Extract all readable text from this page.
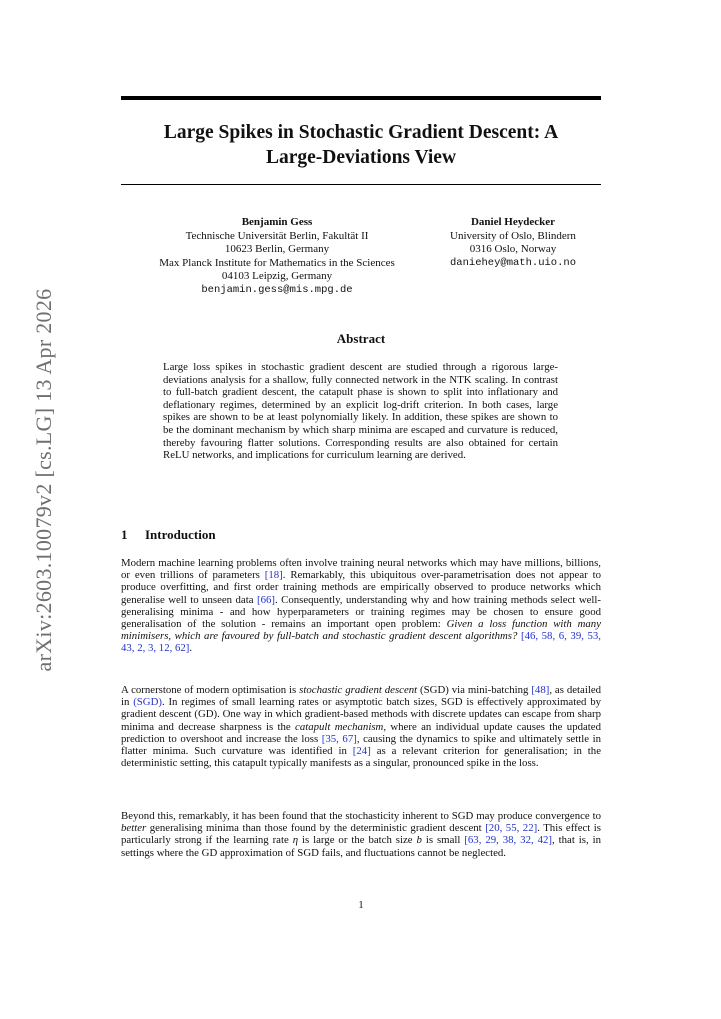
arXiv:2603.10079v2 [cs.LG] 13 Apr 2026
Large Spikes in Stochastic Gradient Descent: A
Large-Deviations View
Benjamin Gess
Technische Universität Berlin, Fakultät II
10623 Berlin, Germany
Max Planck Institute for Mathematics in the Sciences
04103 Leipzig, Germany
benjamin.gess@mis.mpg.de
Daniel Heydecker
University of Oslo, Blindern
0316 Oslo, Norway
daniehey@math.uio.no
Abstract
Large loss spikes in stochastic gradient descent are studied through a rigorous large-deviations analysis for a shallow, fully connected network in the NTK scaling. In contrast to full-batch gradient descent, the catapult phase is shown to split into inflationary and deflationary regimes, determined by an explicit log-drift criterion. In both cases, large spikes are shown to be at least polynomially likely. In addition, these spikes are shown to be the dominant mechanism by which sharp minima are escaped and curvature is reduced, thereby favouring flatter solutions. Corresponding results are also obtained for certain ReLU networks, and implications for curriculum learning are derived.
1 Introduction
Modern machine learning problems often involve training neural networks which may have millions, billions, or even trillions of parameters [18]. Remarkably, this ubiquitous over-parametrisation does not appear to produce overfitting, and first order training methods are empirically observed to produce networks which generalise well to unseen data [66]. Consequently, understanding why and how training methods select well-generalising minima - and how hyperparameters or training regimes may be chosen to ensure good generalisation of the solution - remains an important open problem: Given a loss function with many minimisers, which are favoured by full-batch and stochastic gradient descent algorithms? [46, 58, 6, 39, 53, 43, 2, 3, 12, 62].
A cornerstone of modern optimisation is stochastic gradient descent (SGD) via mini-batching [48], as detailed in (SGD). In regimes of small learning rates or asymptotic batch sizes, SGD is effectively approximated by gradient descent (GD). One way in which gradient-based methods with discrete updates can escape from sharp minima and decrease sharpness is the catapult mechanism, where an individual update causes the updated prediction to overshoot and increase the loss [35, 67], causing the dynamics to spike and ultimately settle in flatter minima. Such curvature was identified in [24] as a relevant criterion for generalisation; in the deterministic setting, this catapult typically manifests as a singular, pronounced spike in the loss.
Beyond this, remarkably, it has been found that the stochasticity inherent to SGD may produce convergence to better generalising minima than those found by the deterministic gradient descent [20, 55, 22]. This effect is particularly strong if the learning rate η is large or the batch size b is small [63, 29, 38, 32, 42], that is, in settings where the GD approximation of SGD fails, and fluctuations cannot be neglected.
1
